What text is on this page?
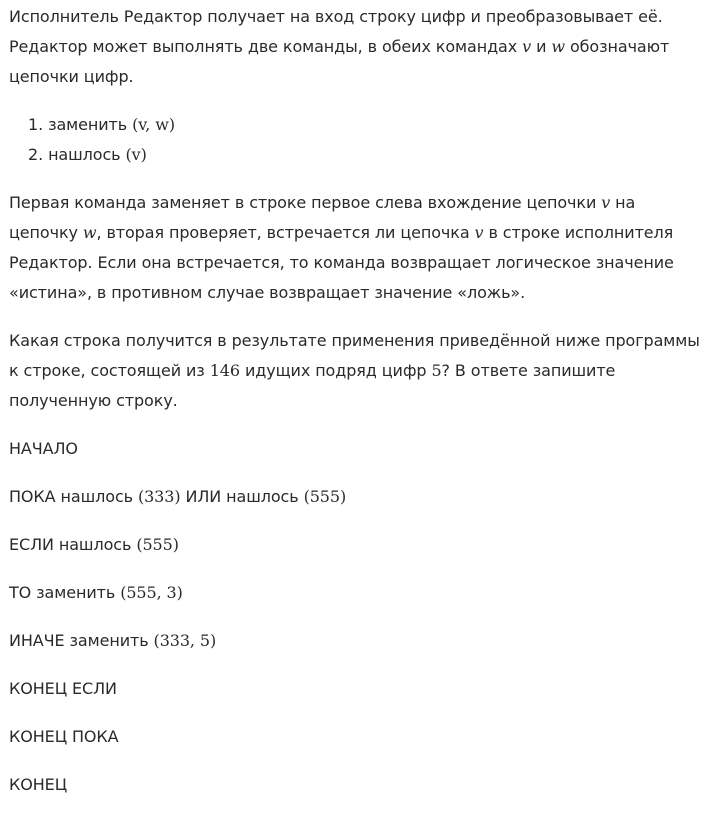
Исполнитель Редактор получает на вход строку цифр и преобразовывает её. Редактор может выполнять две команды, в обеих командах v и w обозначают цепочки цифр.

1. заменить (v, w)
2. нашлось (v)

Первая команда заменяет в строке первое слева вхождение цепочки v на цепочку w, вторая проверяет, встречается ли цепочка v в строке исполнителя Редактор. Если она встречается, то команда возвращает логическое значение «истина», в противном случае возвращает значение «ложь».

Какая строка получится в результате применения приведённой ниже программы к строке, состоящей из 146 идущих подряд цифр 5? В ответе запишите полученную строку.

НАЧАЛО

ПОКА нашлось (333) ИЛИ нашлось (555)

ЕСЛИ нашлось (555)

ТО заменить (555, 3)

ИНАЧЕ заменить (333, 5)

КОНЕЦ ЕСЛИ

КОНЕЦ ПОКА

КОНЕЦ
